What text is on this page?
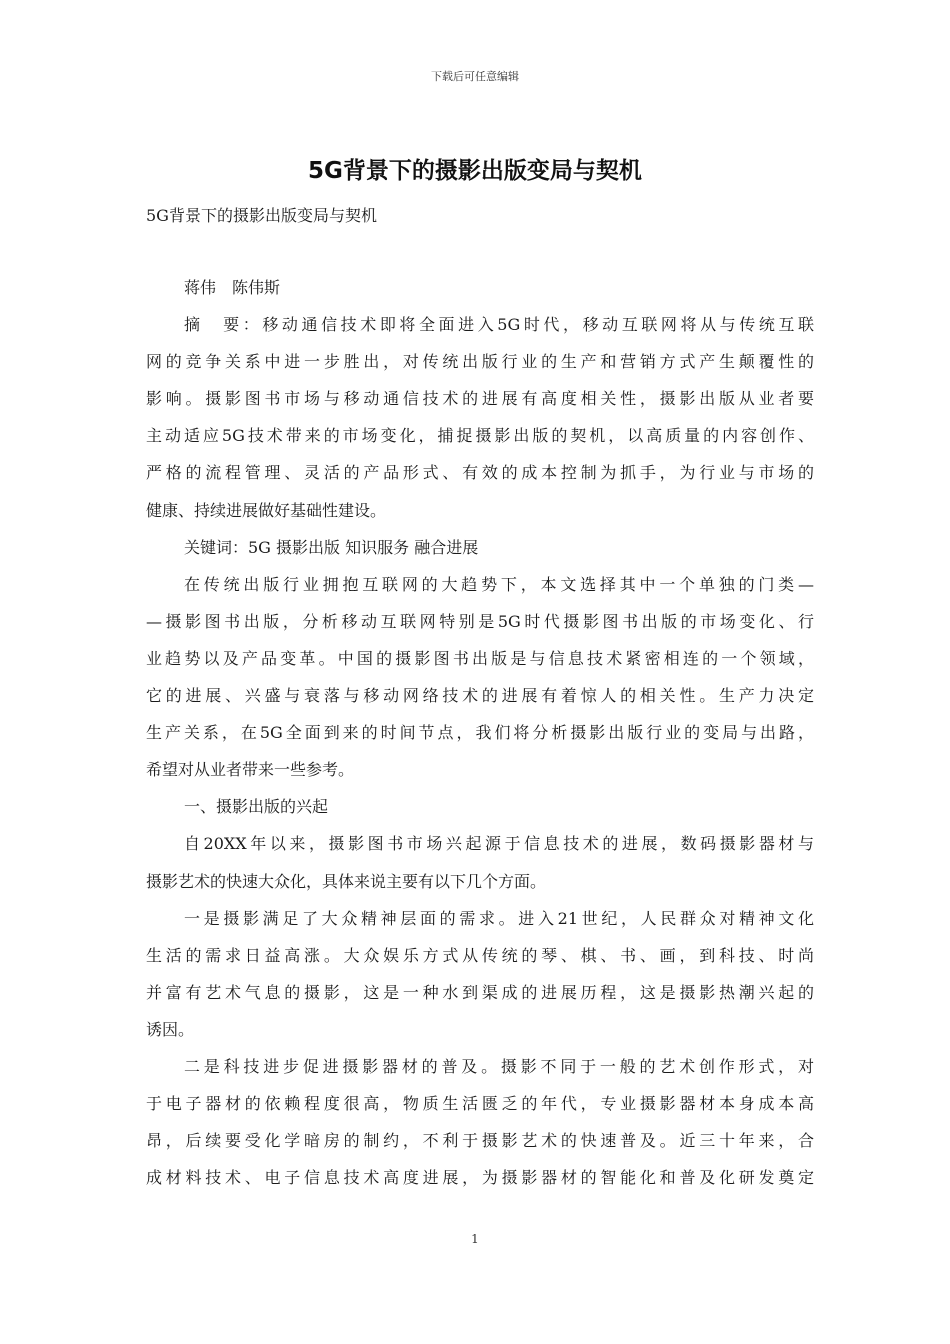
下载后可任意编辑
5G背景下的摄影出版变局与契机
5G背景下的摄影出版变局与契机
蒋伟　陈伟斯
摘　要：移动通信技术即将全面进入5G时代，移动互联网将从与传统互联
网的竞争关系中进一步胜出，对传统出版行业的生产和营销方式产生颠覆性的
影响。摄影图书市场与移动通信技术的进展有高度相关性，摄影出版从业者要
主动适应5G技术带来的市场变化，捕捉摄影出版的契机，以高质量的内容创作、
严格的流程管理、灵活的产品形式、有效的成本控制为抓手，为行业与市场的
健康、持续进展做好基础性建设。
关键词：5G 摄影出版 知识服务 融合进展
在传统出版行业拥抱互联网的大趋势下，本文选择其中一个单独的门类—
—摄影图书出版，分析移动互联网特别是5G时代摄影图书出版的市场变化、行
业趋势以及产品变革。中国的摄影图书出版是与信息技术紧密相连的一个领域，
它的进展、兴盛与衰落与移动网络技术的进展有着惊人的相关性。生产力决定
生产关系，在5G全面到来的时间节点，我们将分析摄影出版行业的变局与出路，
希望对从业者带来一些参考。
一、摄影出版的兴起
自20XX年以来，摄影图书市场兴起源于信息技术的进展，数码摄影器材与
摄影艺术的快速大众化，具体来说主要有以下几个方面。
一是摄影满足了大众精神层面的需求。进入21世纪，人民群众对精神文化
生活的需求日益高涨。大众娱乐方式从传统的琴、棋、书、画，到科技、时尚
并富有艺术气息的摄影，这是一种水到渠成的进展历程，这是摄影热潮兴起的
诱因。
二是科技进步促进摄影器材的普及。摄影不同于一般的艺术创作形式，对
于电子器材的依赖程度很高，物质生活匮乏的年代，专业摄影器材本身成本高
昂，后续要受化学暗房的制约，不利于摄影艺术的快速普及。近三十年来，合
成材料技术、电子信息技术高度进展，为摄影器材的智能化和普及化研发奠定
1
